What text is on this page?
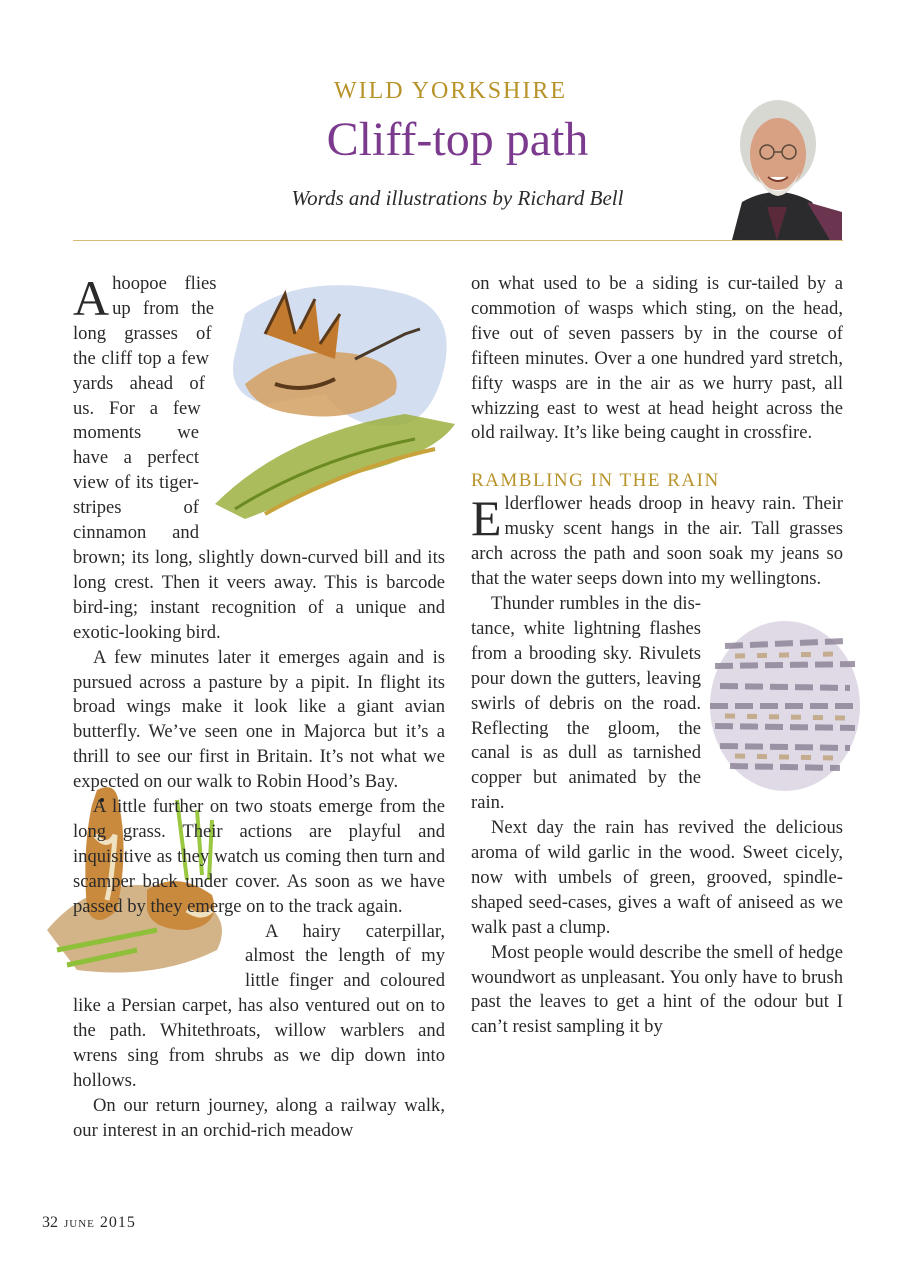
WILD YORKSHIRE
Cliff-top path
Words and illustrations by Richard Bell

Ahoopoe flies up from the long grasses of the cliff top a few yards ahead of us. For a few moments we have a perfect view of its tiger-stripes of cinnamon and brown; its long, slightly down-curved bill and its long crest. Then it veers away. This is barcode bird-ing; instant recognition of a unique and exotic-looking bird.

A few minutes later it emerges again and is pursued across a pasture by a pipit. In flight its broad wings make it look like a giant avian butterfly. We’ve seen one in Majorca but it’s a thrill to see our first in Britain. It’s not what we expected on our walk to Robin Hood’s Bay.

A little further on two stoats emerge from the long grass. Their actions are playful and inquisitive as they watch us coming then turn and scamper back under cover. As soon as we have passed by they emerge on to the track again.

A hairy caterpillar, almost the length of my little finger and coloured like a Persian carpet, has also ventured out on to the path. Whitethroats, willow warblers and wrens sing from shrubs as we dip down into hollows.

On our return journey, along a railway walk, our interest in an orchid-rich meadow

on what used to be a siding is cur-tailed by a commotion of wasps which sting, on the head, five out of seven passers by in the course of fifteen minutes. Over a one hundred yard stretch, fifty wasps are in the air as we hurry past, all whizzing east to west at head height across the old railway. It’s like being caught in crossfire.

RAMBLING IN THE RAIN

Elderflower heads droop in heavy rain. Their musky scent hangs in the air. Tall grasses arch across the path and soon soak my jeans so that the water seeps down into my wellingtons.

Thunder rumbles in the dis-tance, white lightning flashes from a brooding sky. Rivulets pour down the gutters, leaving swirls of debris on the road. Reflecting the gloom, the canal is as dull as tarnished copper but animated by the rain.

Next day the rain has revived the delicious aroma of wild garlic in the wood. Sweet cicely, now with umbels of green, grooved, spindle-shaped seed-cases, gives a waft of aniseed as we walk past a clump.

Most people would describe the smell of hedge woundwort as unpleasant. You only have to brush past the leaves to get a hint of the odour but I can’t resist sampling it by

32 june 2015
